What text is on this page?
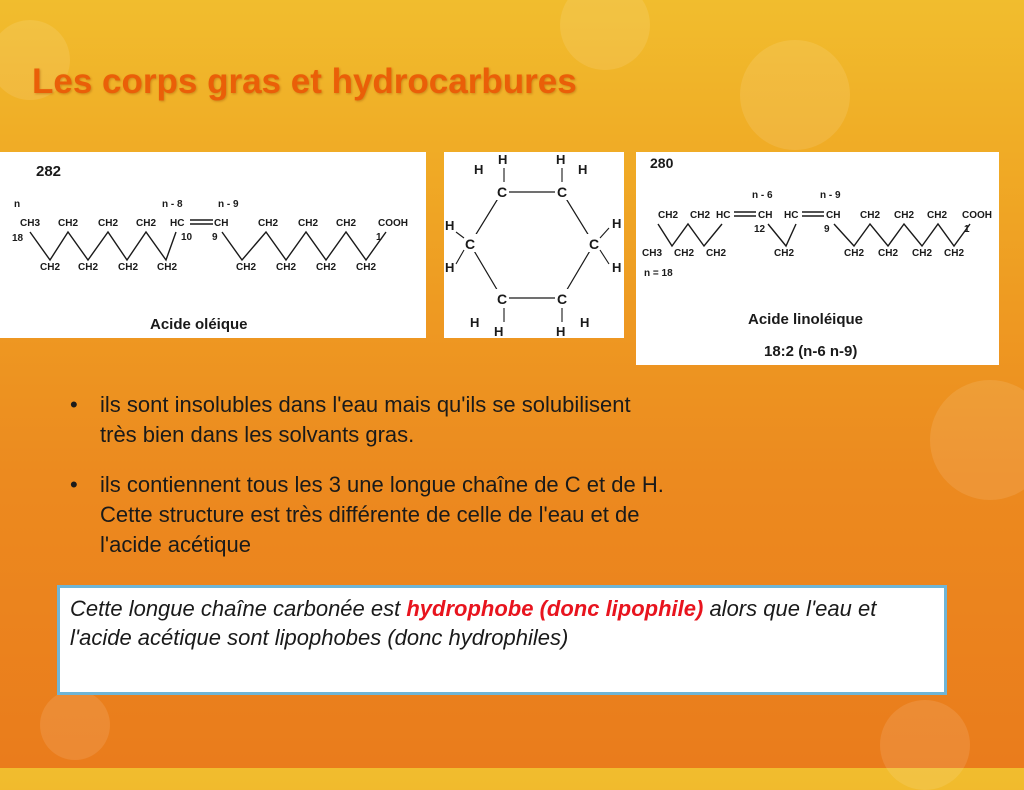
Les corps gras et hydrocarbures
282
n	n - 8	n - 9
CH3 CH2 CH2 CH2 HC	CH	CH2 CH2 CH2 COOH
18	10 9	1
CH2 CH2 CH2 CH2	CH2 CH2 CH2 CH2
Acide oléique
C	C
C	C
C	C
H
H
H
H
H
H
H
H
H
H	H
H
280
n - 6	n - 9
CH2 CH2 HC	CH HC	CH CH2 CH2 CH2 COOH
12	9	1
CH3 CH2 CH2	CH2	CH2 CH2 CH2 CH2
n = 18
Acide linoléique
18:2 (n-6 n-9)
• ils sont insolubles dans l'eau mais qu'ils se solubilisent
très bien dans les solvants gras.
• ils contiennent tous les 3 une longue chaîne de C et de H.
Cette structure est très différente de celle de l'eau et de
l'acide acétique
Cette longue chaîne carbonée est hydrophobe (donc lipophile) alors que l'eau et l'acide acétique sont lipophobes (donc hydrophiles)
